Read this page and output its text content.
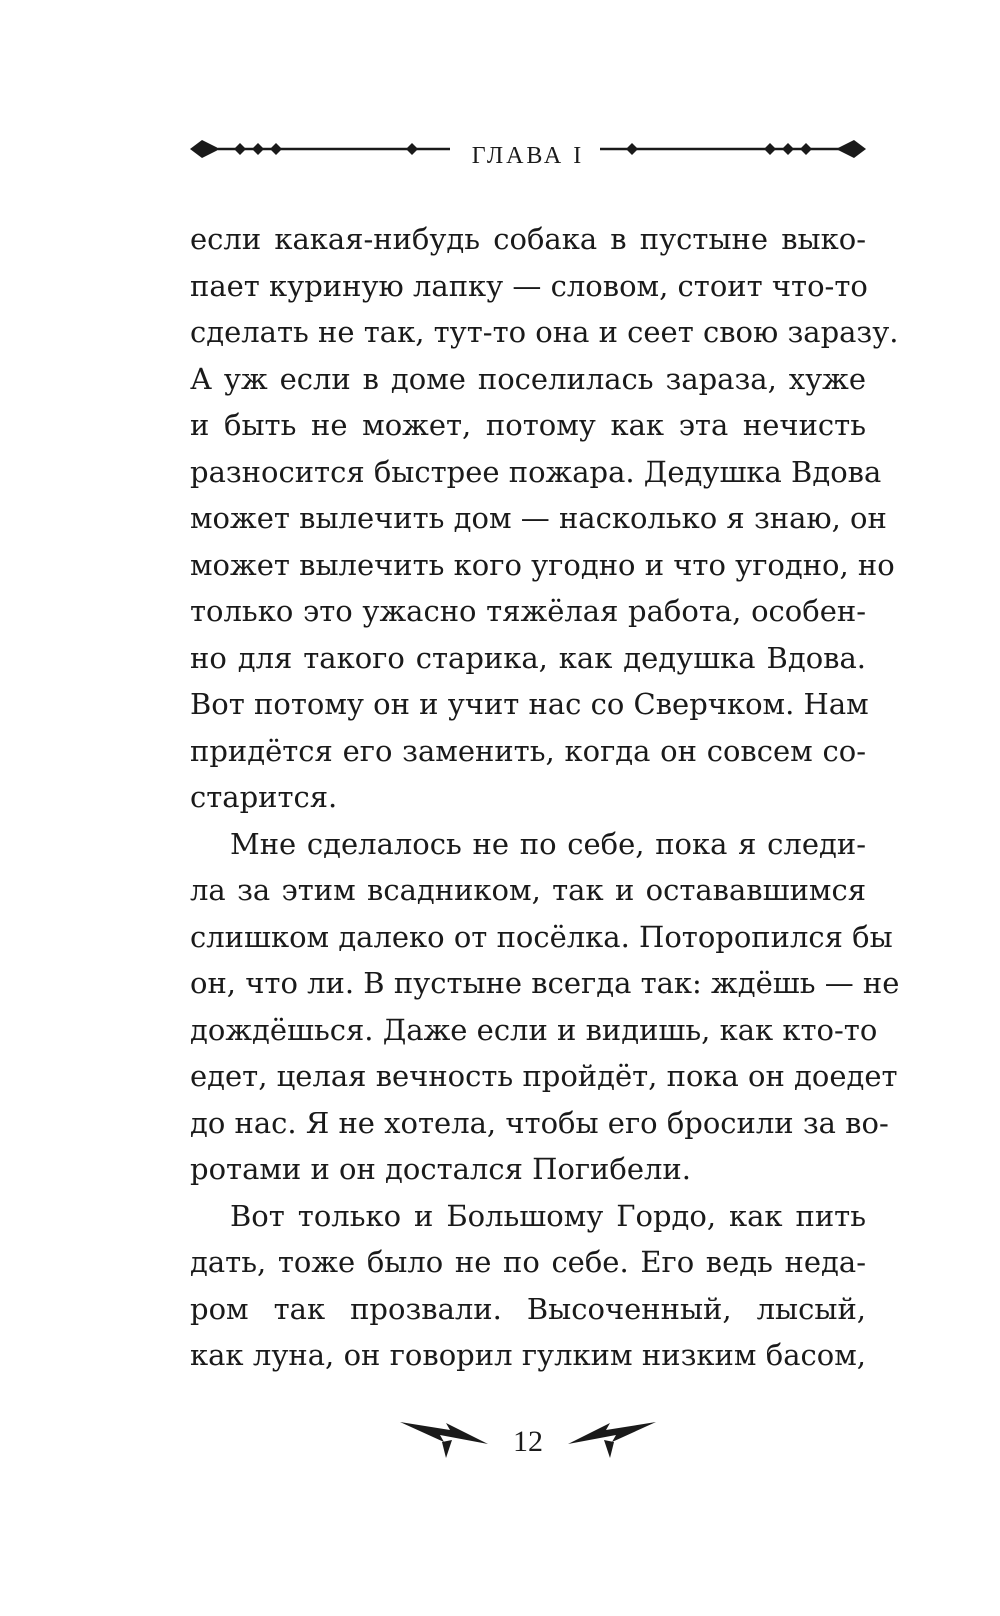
ГЛАВА I
если какая-нибудь собака в пустыне выко-
пает куриную лапку — словом, стоит что-то
сделать не так, тут-то она и сеет свою заразу.
А уж если в доме поселилась зараза, хуже
и быть не может, потому как эта нечисть
разносится быстрее пожара. Дедушка Вдова
может вылечить дом — насколько я знаю, он
может вылечить кого угодно и что угодно, но
только это ужасно тяжёлая работа, особен-
но для такого старика, как дедушка Вдова.
Вот потому он и учит нас со Сверчком. Нам
придётся его заменить, когда он совсем со-
старится.
Мне сделалось не по себе, пока я следи-
ла за этим всадником, так и остававшимся
слишком далеко от посёлка. Поторопился бы
он, что ли. В пустыне всегда так: ждёшь — не
дождёшься. Даже если и видишь, как кто-то
едет, целая вечность пройдёт, пока он доедет
до нас. Я не хотела, чтобы его бросили за во-
ротами и он достался Погибели.
Вот только и Большому Гордо, как пить
дать, тоже было не по себе. Его ведь неда-
ром так прозвали. Высоченный, лысый,
как луна, он говорил гулким низким басом,
12
